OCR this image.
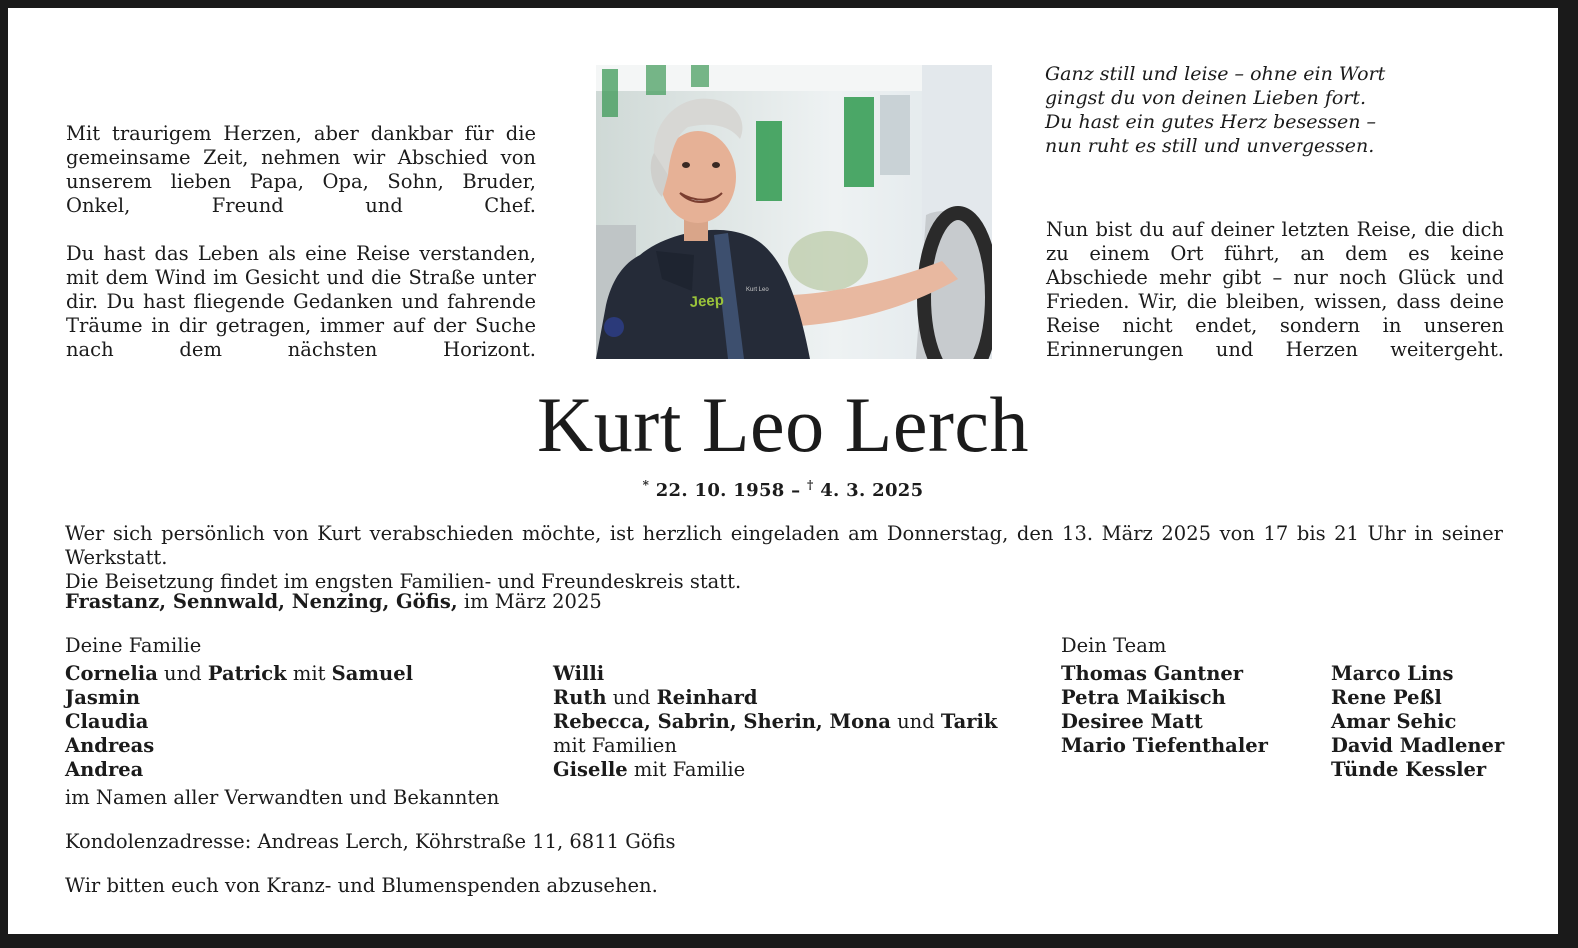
Mit traurigem Herzen, aber dankbar für die gemeinsame Zeit, nehmen wir Abschied von unserem lieben Papa, Opa, Sohn, Bruder, Onkel, Freund und Chef.

Du hast das Leben als eine Reise verstanden, mit dem Wind im Gesicht und die Straße unter dir. Du hast fliegende Gedanken und fahrende Träume in dir getragen, immer auf der Suche nach dem nächsten Horizont.

Jeep
Kurt Leo
Ganz still und leise – ohne ein Wort
gingst du von deinen Lieben fort.
Du hast ein gutes Herz besessen –
nun ruht es still und unvergessen.

Nun bist du auf deiner letzten Reise, die dich zu einem Ort führt, an dem es keine Abschiede mehr gibt – nur noch Glück und Frieden. Wir, die bleiben, wissen, dass deine Reise nicht endet, sondern in unseren Erinnerungen und Herzen weitergeht.

Kurt Leo Lerch
* 22. 10. 1958 – † 4. 3. 2025
Wer sich persönlich von Kurt verabschieden möchte, ist herzlich eingeladen am Donnerstag, den 13. März 2025 von 17 bis 21 Uhr in seiner Werkstatt.
Die Beisetzung findet im engsten Familien- und Freundeskreis statt.
Frastanz, Sennwald, Nenzing, Göfis, im März 2025
Deine Familie
Cornelia und Patrick mit Samuel
Jasmin
Claudia
Andreas
Andrea
Willi
Ruth und Reinhard
Rebecca, Sabrin, Sherin, Mona und Tarik
mit Familien
Giselle mit Familie
im Namen aller Verwandten und Bekannten
Dein Team
Thomas Gantner
Petra Maikisch
Desiree Matt
Mario Tiefenthaler
Marco Lins
Rene Peßl
Amar Sehic
David Madlener
Tünde Kessler
Kondolenzadresse: Andreas Lerch, Köhrstraße 11, 6811 Göfis
Wir bitten euch von Kranz- und Blumenspenden abzusehen.
